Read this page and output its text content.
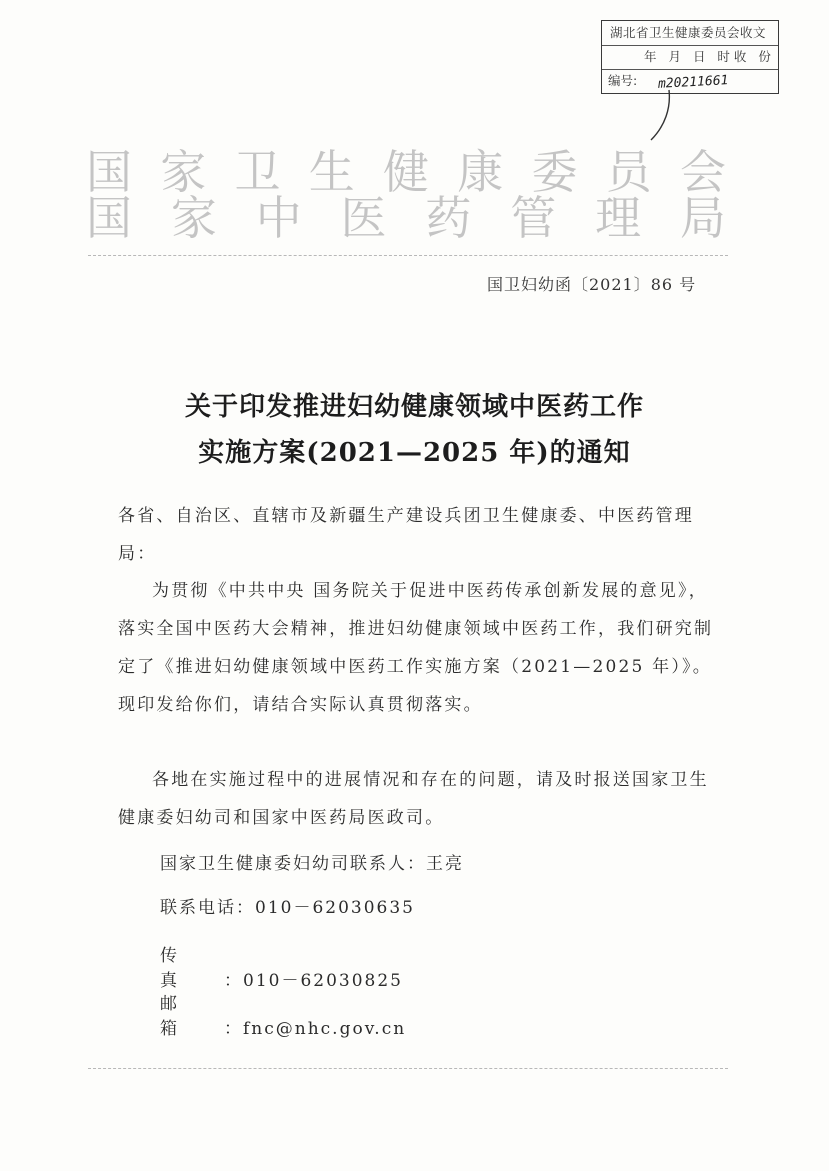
湖北省卫生健康委员会收文
年 月 日 时收 份
编号:	m20211661
国 家 卫 生 健 康 委 员 会
国 家 中 医 药 管 理 局
国卫妇幼函〔2021〕86 号
关于印发推进妇幼健康领域中医药工作
实施方案(2021—2025 年)的通知
各省、自治区、直辖市及新疆生产建设兵团卫生健康委、中医药管理局：
为贯彻《中共中央 国务院关于促进中医药传承创新发展的意见》，落实全国中医药大会精神，推进妇幼健康领域中医药工作，我们研究制定了《推进妇幼健康领域中医药工作实施方案（2021—2025 年）》。现印发给你们，请结合实际认真贯彻落实。
各地在实施过程中的进展情况和存在的问题，请及时报送国家卫生健康委妇幼司和国家中医药局医政司。
国家卫生健康委妇幼司联系人：王亮
联系电话：010－62030635
传　 真	：010－62030825
邮　 箱	：fnc@nhc.gov.cn
